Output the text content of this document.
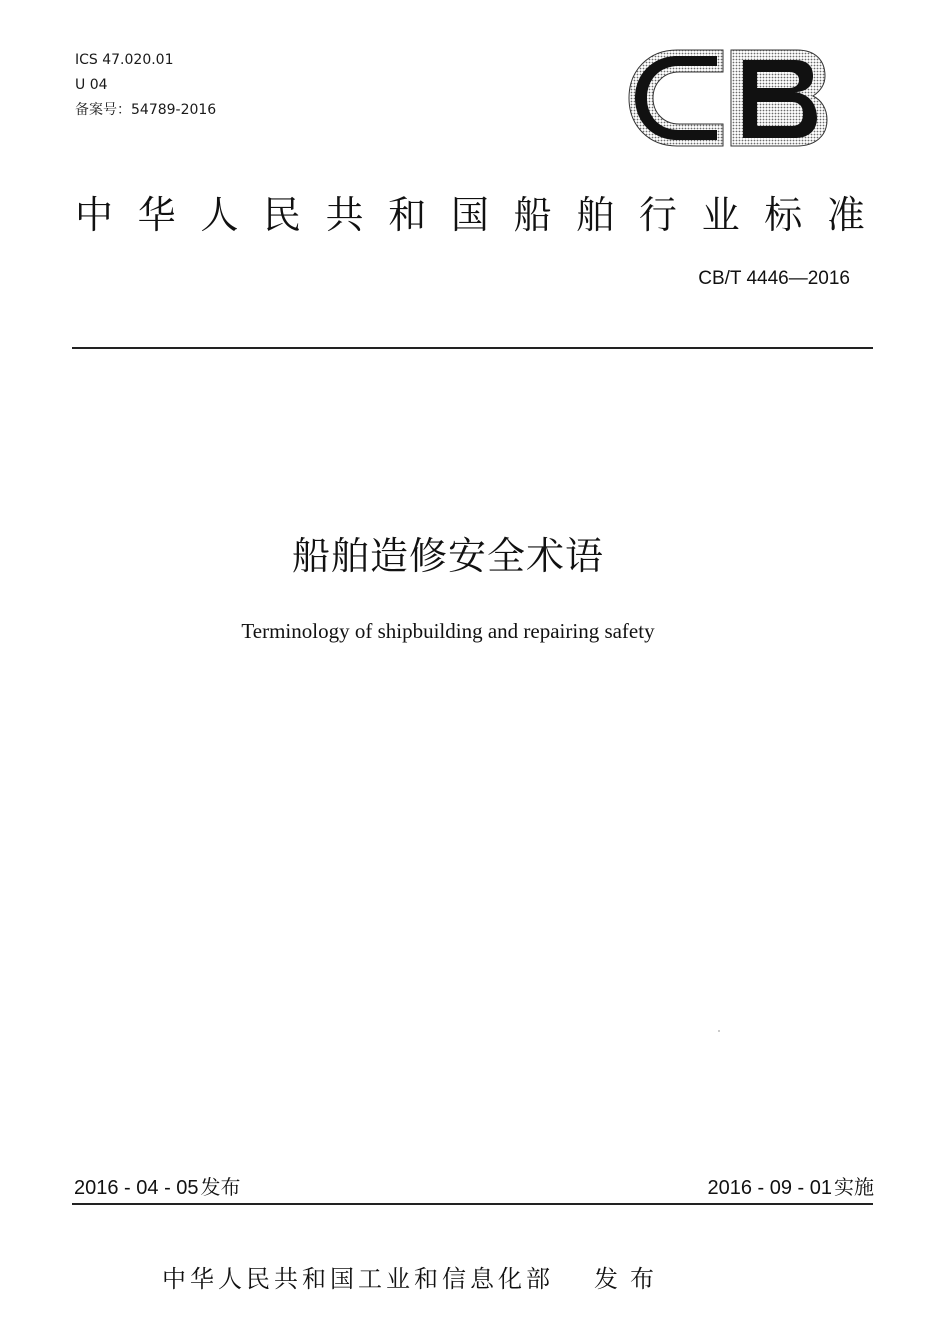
ICS 47.020.01
U 04
备案号：54789-2016
中 华 人 民 共 和 国 船 舶 行 业 标 准
CB/T 4446—2016
船舶造修安全术语
Terminology of shipbuilding and repairing safety
2016 - 04 - 05 发布	2016 - 09 - 01 实施
中华人民共和国工业和信息化部 发布
